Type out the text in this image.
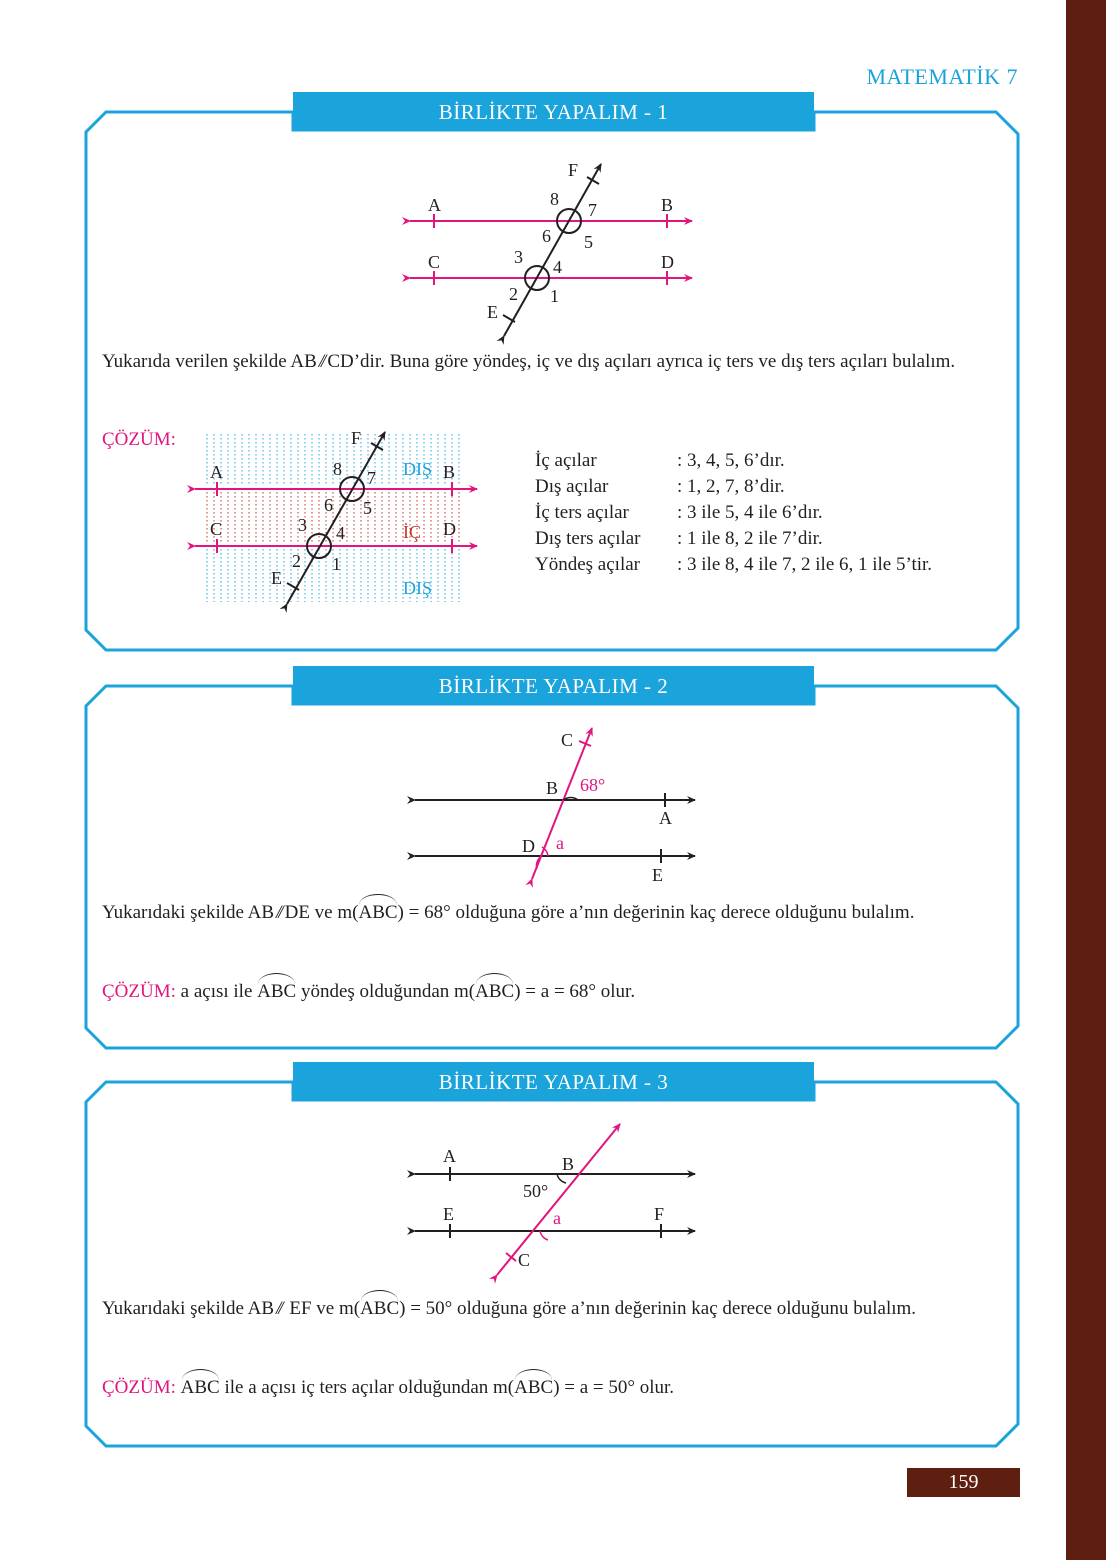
MATEMATİK 7
BİRLİKTE YAPALIM - 1
F
A	B
C	D
E
8
7
6 5
3 4
2 1
F
A	B
C	D
E
8 7
6 5
3 4
2 1
DIŞ
İÇ
DIŞ
Yukarıda verilen şekilde AB // CD’dir. Buna göre yöndeş, iç ve dış açıları ayrıca iç ters ve dış ters açıları bulalım.
ÇÖZÜM:
İç açılar	: 3, 4, 5, 6’dır.
Dış açılar	: 1, 2, 7, 8’dir.
İç ters açılar	: 3 ile 5, 4 ile 6’dır.
Dış ters açılar	: 1 ile 8, 2 ile 7’dir.
Yöndeş açılar	: 3 ile 8, 4 ile 7, 2 ile 6, 1 ile 5’tir.
BİRLİKTE YAPALIM - 2
C
B
A
D
E
68°
a
Yukarıdaki şekilde AB // DE ve m(ABC) = 68° olduğuna göre a’nın değerinin kaç derece olduğunu bulalım.
ÇÖZÜM: a açısı ile ABC yöndeş olduğundan m(ABC) = a = 68° olur.
BİRLİKTE YAPALIM - 3
A	B
50°
E	F
C
a
Yukarıdaki şekilde AB // EF ve m(ABC) = 50° olduğuna göre a’nın değerinin kaç derece olduğunu bulalım.
ÇÖZÜM: ABC ile a açısı iç ters açılar olduğundan m(ABC) = a = 50° olur.
159
